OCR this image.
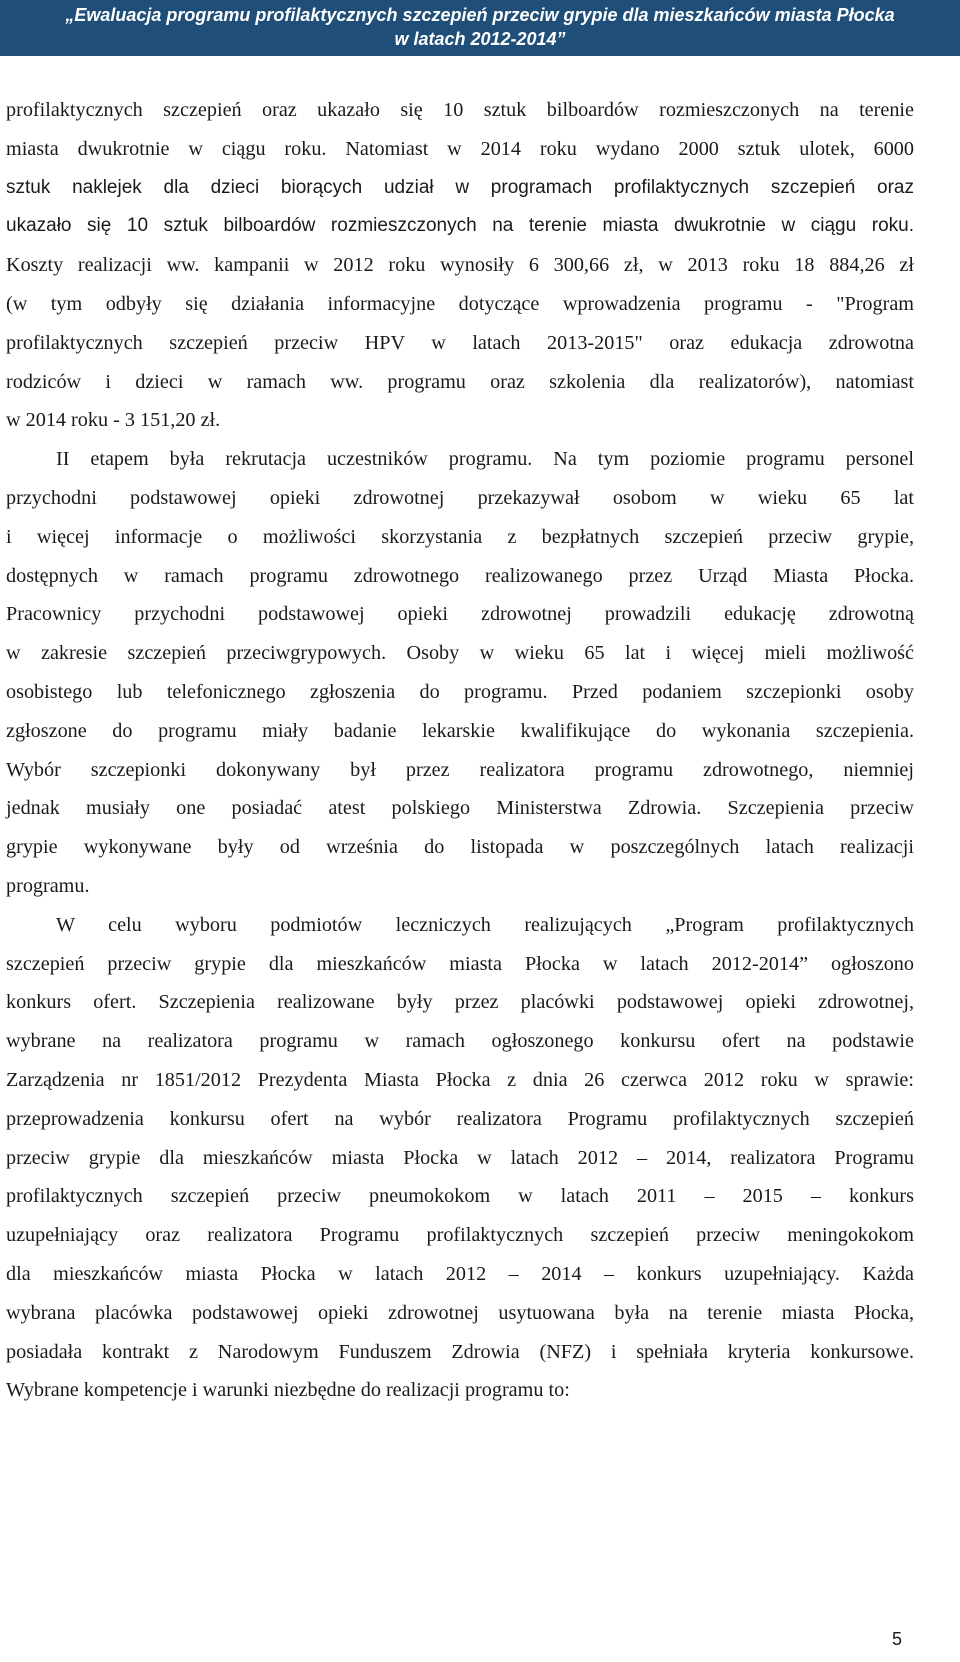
„Ewaluacja programu profilaktycznych szczepień przeciw grypie dla mieszkańców miasta Płocka
w latach 2012-2014”
profilaktycznych szczepień oraz ukazało się 10 sztuk bilboardów rozmieszczonych na terenie
miasta dwukrotnie w ciągu roku. Natomiast w 2014 roku wydano 2000 sztuk ulotek, 6000
sztuk naklejek dla dzieci biorących udział w programach profilaktycznych szczepień oraz
ukazało się 10 sztuk bilboardów rozmieszczonych na terenie miasta dwukrotnie w ciągu roku.
Koszty realizacji ww. kampanii w 2012 roku wynosiły 6 300,66 zł, w 2013 roku 18 884,26 zł
(w tym odbyły się działania informacyjne dotyczące wprowadzenia programu - "Program
profilaktycznych szczepień przeciw HPV w latach 2013-2015" oraz edukacja zdrowotna
rodziców i dzieci w ramach ww. programu oraz szkolenia dla realizatorów), natomiast
w 2014 roku - 3 151,20 zł.
II etapem była rekrutacja uczestników programu. Na tym poziomie programu personel
przychodni podstawowej opieki zdrowotnej przekazywał osobom w wieku 65 lat
i więcej informacje o możliwości skorzystania z bezpłatnych szczepień przeciw grypie,
dostępnych w ramach programu zdrowotnego realizowanego przez Urząd Miasta Płocka.
Pracownicy przychodni podstawowej opieki zdrowotnej prowadzili edukację zdrowotną
w zakresie szczepień przeciwgrypowych. Osoby w wieku 65 lat i więcej mieli możliwość
osobistego lub telefonicznego zgłoszenia do programu. Przed podaniem szczepionki osoby
zgłoszone do programu miały badanie lekarskie kwalifikujące do wykonania szczepienia.
Wybór szczepionki dokonywany był przez realizatora programu zdrowotnego, niemniej
jednak musiały one posiadać atest polskiego Ministerstwa Zdrowia. Szczepienia przeciw
grypie wykonywane były od września do listopada w poszczególnych latach realizacji
programu.
W celu wyboru podmiotów leczniczych realizujących „Program profilaktycznych
szczepień przeciw grypie dla mieszkańców miasta Płocka w latach 2012-2014” ogłoszono
konkurs ofert. Szczepienia realizowane były przez placówki podstawowej opieki zdrowotnej,
wybrane na realizatora programu w ramach ogłoszonego konkursu ofert na podstawie
Zarządzenia nr 1851/2012 Prezydenta Miasta Płocka z dnia 26 czerwca 2012 roku w sprawie:
przeprowadzenia konkursu ofert na wybór realizatora Programu profilaktycznych szczepień
przeciw grypie dla mieszkańców miasta Płocka w latach 2012 – 2014, realizatora Programu
profilaktycznych szczepień przeciw pneumokokom w latach 2011 – 2015 – konkurs
uzupełniający oraz realizatora Programu profilaktycznych szczepień przeciw meningokokom
dla mieszkańców miasta Płocka w latach 2012 – 2014 – konkurs uzupełniający. Każda
wybrana placówka podstawowej opieki zdrowotnej usytuowana była na terenie miasta Płocka,
posiadała kontrakt z Narodowym Funduszem Zdrowia (NFZ) i spełniała kryteria konkursowe.
Wybrane kompetencje i warunki niezbędne do realizacji programu to:
5
